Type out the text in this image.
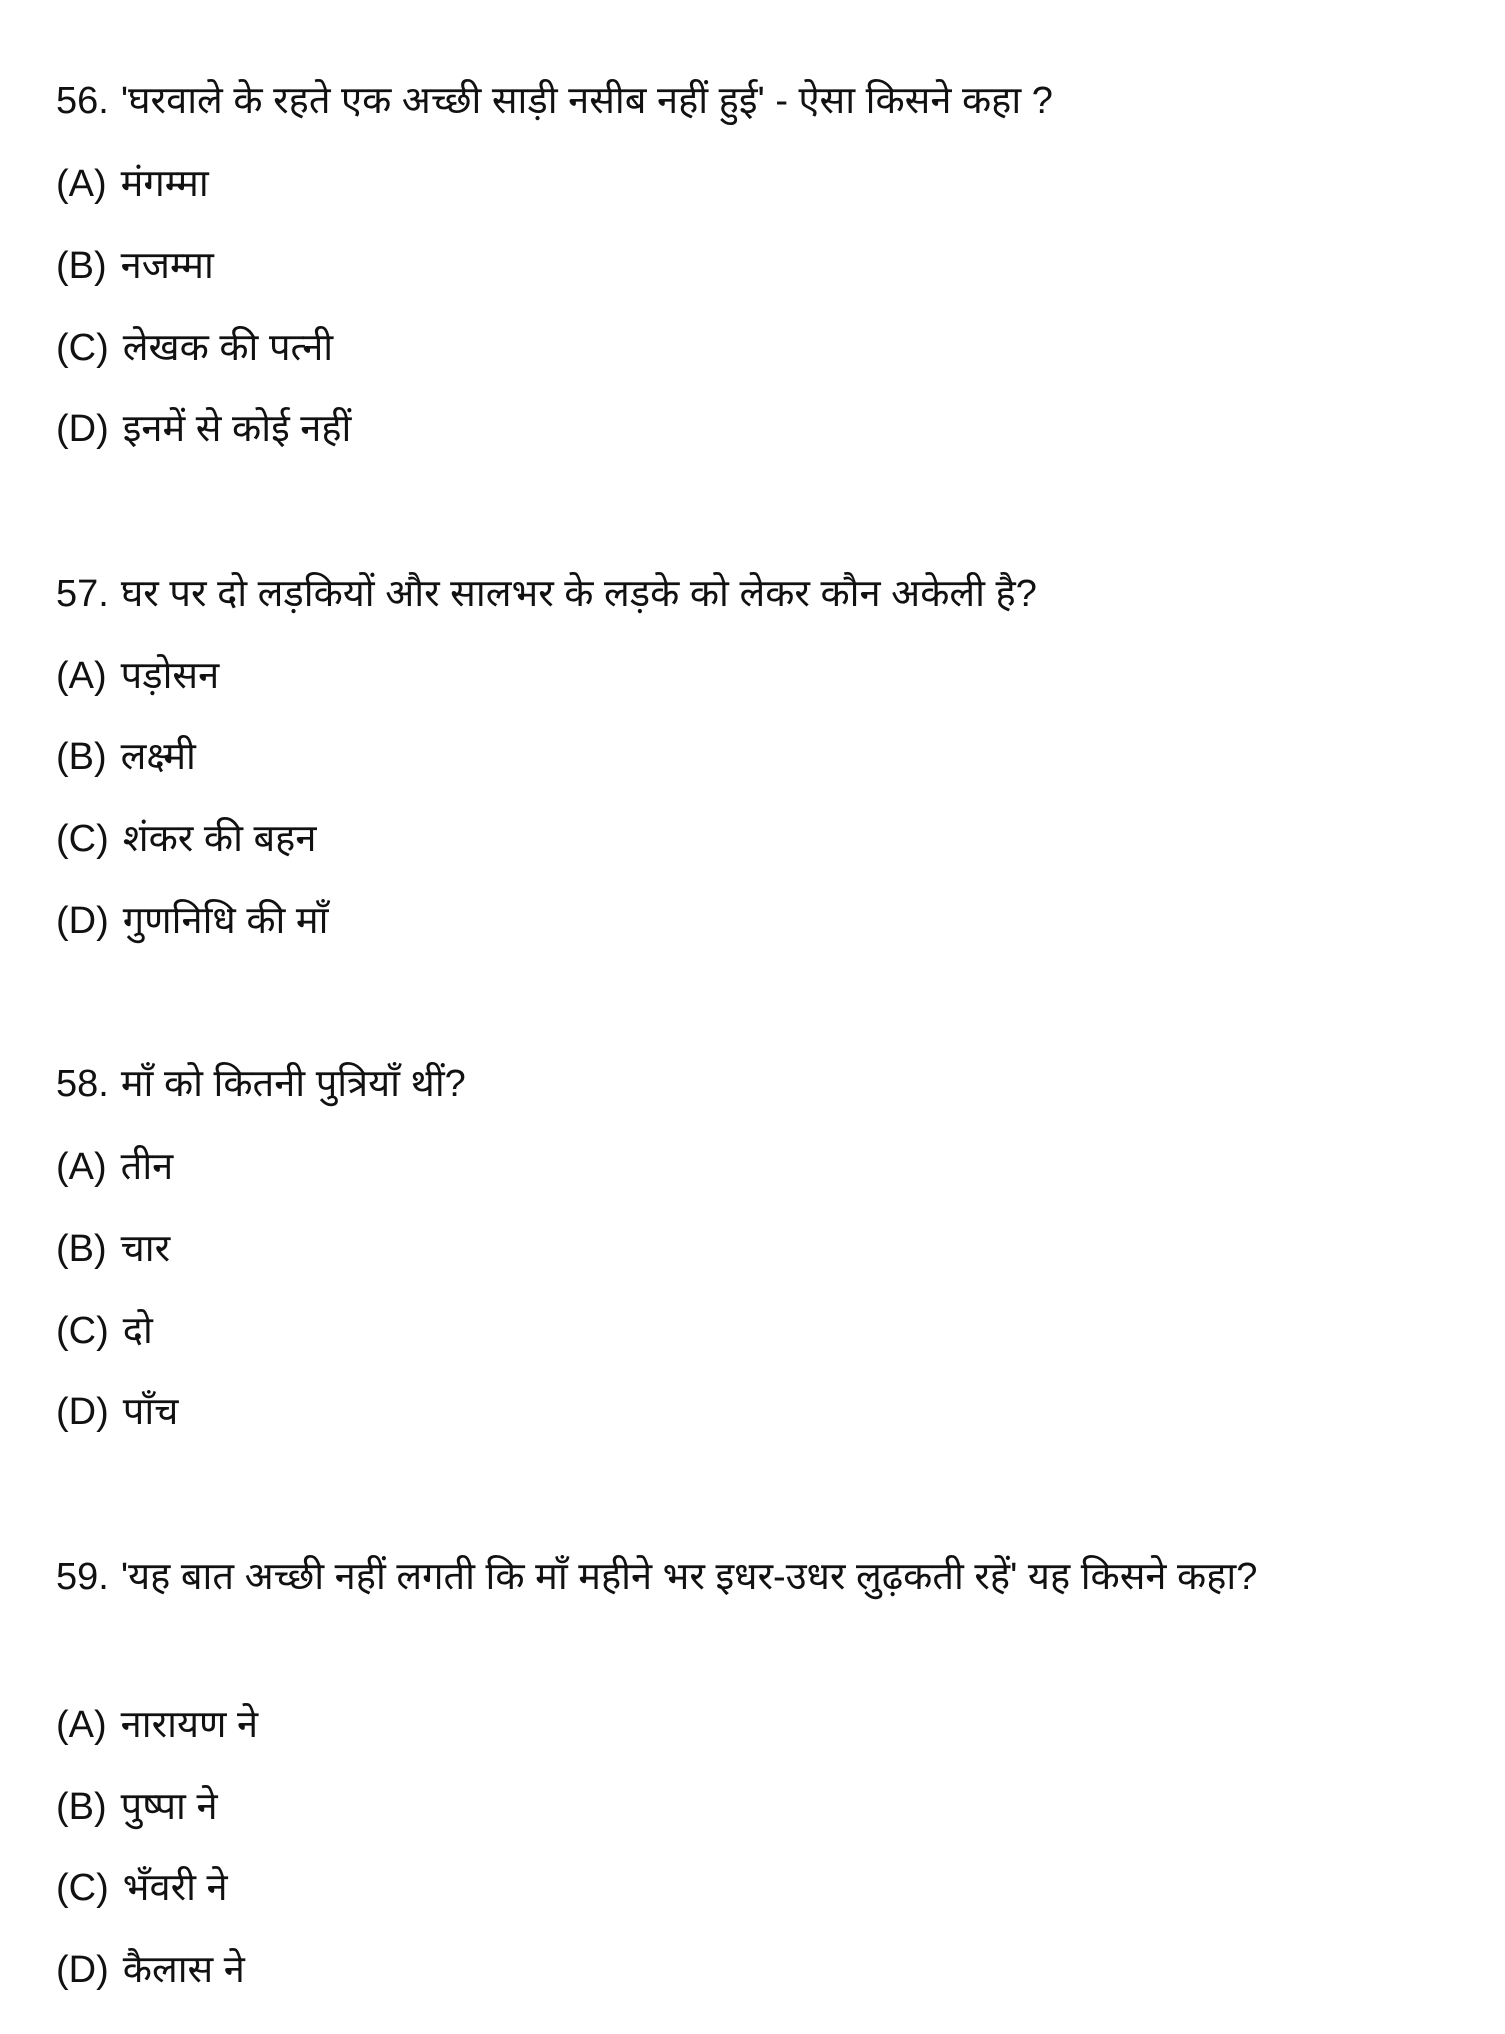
56. 'घरवाले के रहते एक अच्छी साड़ी नसीब नहीं हुई' - ऐसा किसने कहा ?
(A) मंगम्मा
(B) नजम्मा
(C) लेखक की पत्नी
(D) इनमें से कोई नहीं
57. घर पर दो लड़कियों और सालभर के लड़के को लेकर कौन अकेली है?
(A) पड़ोसन
(B) लक्ष्मी
(C) शंकर की बहन
(D) गुणनिधि की माँ
58. माँ को कितनी पुत्रियाँ थीं?
(A) तीन
(B) चार
(C) दो
(D) पाँच
59. 'यह बात अच्छी नहीं लगती कि माँ महीने भर इधर-उधर लुढ़कती रहें' यह किसने कहा?
(A) नारायण ने
(B) पुष्पा ने
(C) भँवरी ने
(D) कैलास ने
